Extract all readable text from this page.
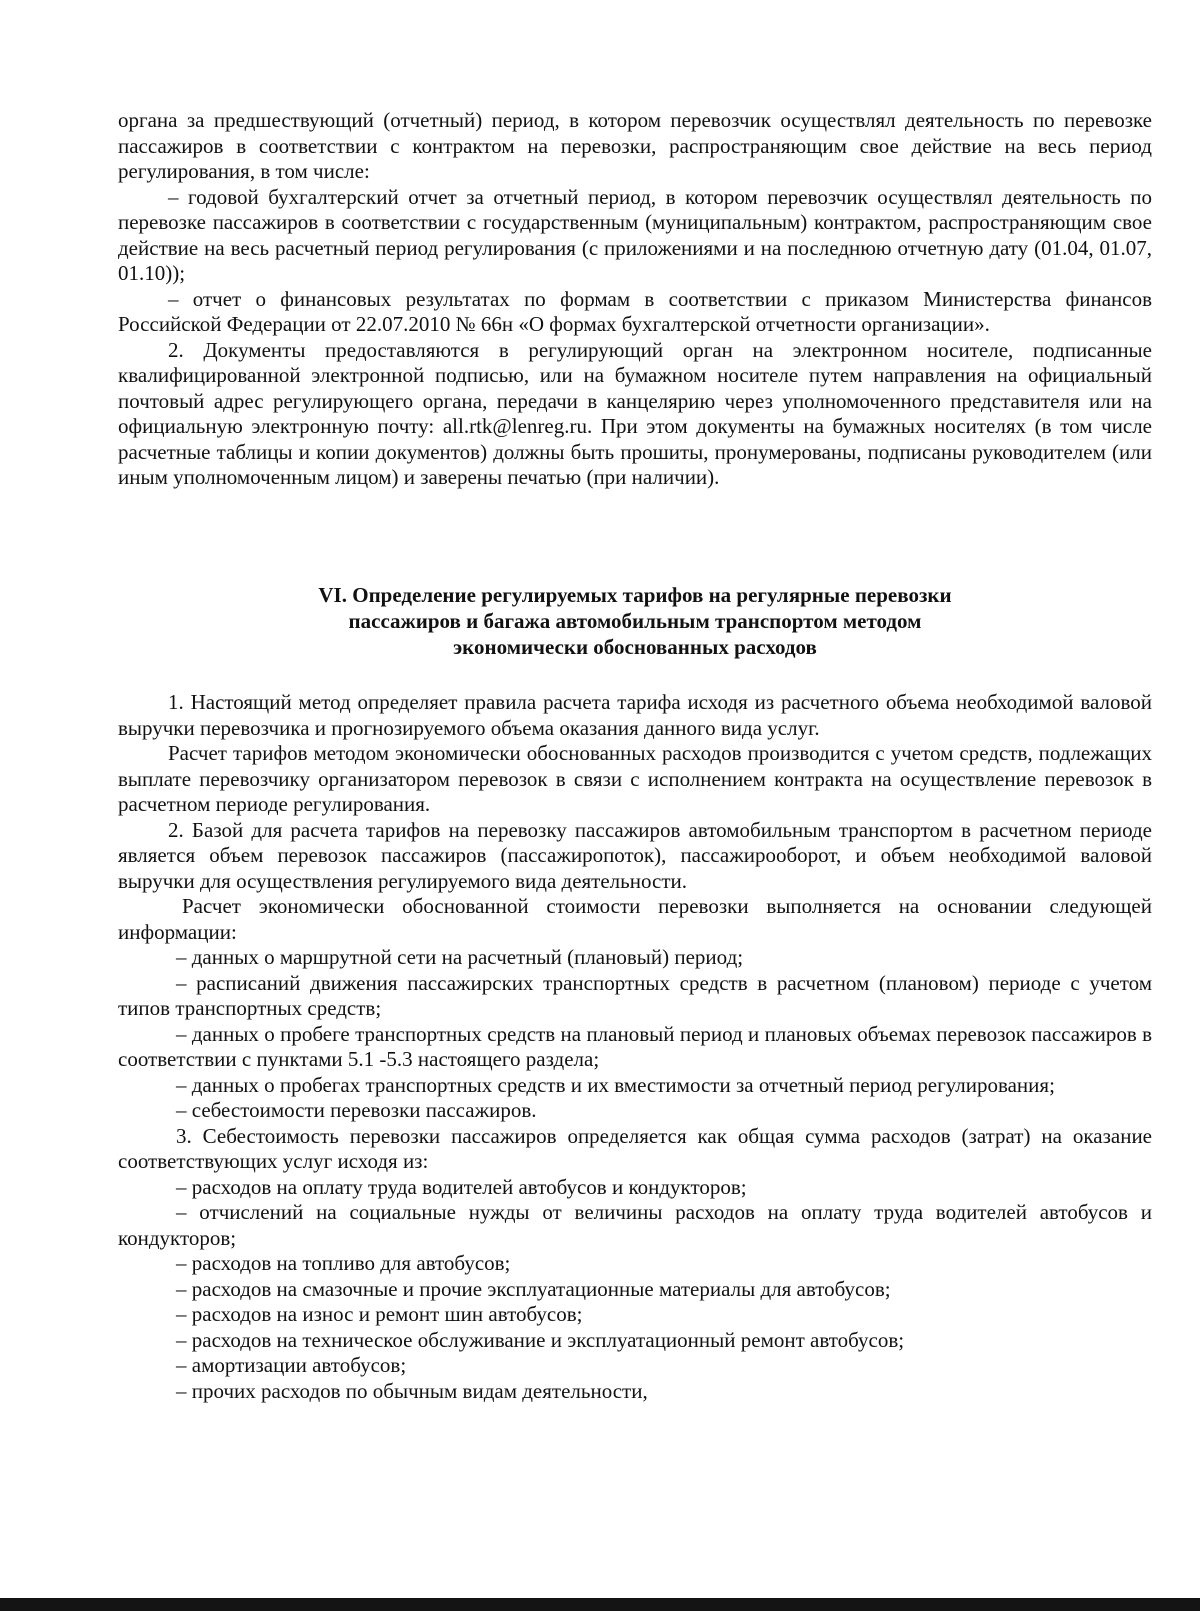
органа за предшествующий (отчетный) период, в котором перевозчик осуществлял деятельность по перевозке пассажиров в соответствии с контрактом на перевозки, распространяющим свое действие на весь период регулирования, в том числе:

– годовой бухгалтерский отчет за отчетный период, в котором перевозчик осуществлял деятельность по перевозке пассажиров в соответствии с государственным (муниципальным) контрактом, распространяющим свое действие на весь расчетный период регулирования (с приложениями и на последнюю отчетную дату (01.04, 01.07, 01.10));

– отчет о финансовых результатах по формам в соответствии с приказом Министерства финансов Российской Федерации от 22.07.2010 № 66н «О формах бухгалтерской отчетности организации».

2. Документы предоставляются в регулирующий орган на электронном носителе, подписанные квалифицированной электронной подписью, или на бумажном носителе путем направления на официальный почтовый адрес регулирующего органа, передачи в канцелярию через уполномоченного представителя или на официальную электронную почту: all.rtk@lenreg.ru. При этом документы на бумажных носителях (в том числе расчетные таблицы и копии документов) должны быть прошиты, пронумерованы, подписаны руководителем (или иным уполномоченным лицом) и заверены печатью (при наличии).

VI. Определение регулируемых тарифов на регулярные перевозки
пассажиров и багажа автомобильным транспортом методом
экономически обоснованных расходов

1. Настоящий метод определяет правила расчета тарифа исходя из расчетного объема необходимой валовой выручки перевозчика и прогнозируемого объема оказания данного вида услуг.

Расчет тарифов методом экономически обоснованных расходов производится с учетом средств, подлежащих выплате перевозчику организатором перевозок в связи с исполнением контракта на осуществление перевозок в расчетном периоде регулирования.

2. Базой для расчета тарифов на перевозку пассажиров автомобильным транспортом в расчетном периоде является объем перевозок пассажиров (пассажиропоток), пассажирооборот, и объем необходимой валовой выручки для осуществления регулируемого вида деятельности.

Расчет экономически обоснованной стоимости перевозки выполняется на основании следующей информации:

– данных о маршрутной сети на расчетный (плановый) период;

– расписаний движения пассажирских транспортных средств в расчетном (плановом) периоде с учетом типов транспортных средств;

– данных о пробеге транспортных средств на плановый период и плановых объемах перевозок пассажиров в соответствии с пунктами 5.1 -5.3 настоящего раздела;

– данных о пробегах транспортных средств и их вместимости за отчетный период регулирования;

– себестоимости перевозки пассажиров.

3. Себестоимость перевозки пассажиров определяется как общая сумма расходов (затрат) на оказание соответствующих услуг исходя из:

– расходов на оплату труда водителей автобусов и кондукторов;

– отчислений на социальные нужды от величины расходов на оплату труда водителей автобусов и кондукторов;

– расходов на топливо для автобусов;

– расходов на смазочные и прочие эксплуатационные материалы для автобусов;

– расходов на износ и ремонт шин автобусов;

– расходов на техническое обслуживание и эксплуатационный ремонт автобусов;

– амортизации автобусов;

– прочих расходов по обычным видам деятельности,
